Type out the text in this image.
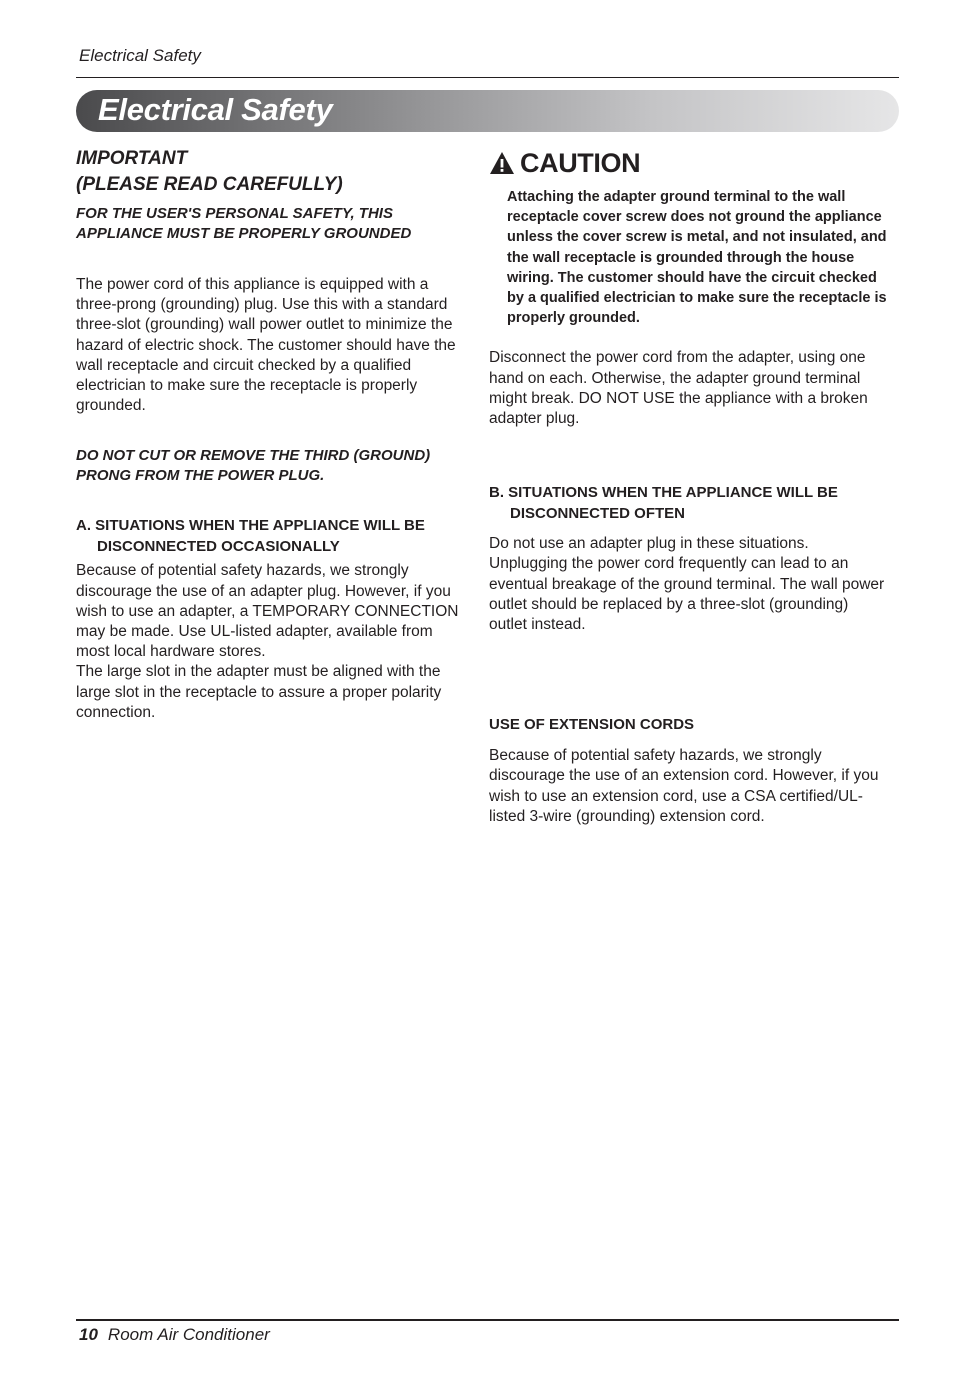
Electrical Safety
Electrical Safety
IMPORTANT
(PLEASE READ CAREFULLY)
FOR THE USER'S PERSONAL SAFETY, THIS APPLIANCE MUST BE PROPERLY GROUNDED

The power cord of this appliance is equipped with a three-prong (grounding) plug. Use this with a standard three-slot (grounding) wall power outlet to minimize the hazard of electric shock. The customer should have the wall receptacle and circuit checked by a qualified electrician to make sure the receptacle is properly grounded.

DO NOT CUT OR REMOVE THE THIRD (GROUND) PRONG FROM THE POWER PLUG.
A. SITUATIONS WHEN THE APPLIANCE WILL BE DISCONNECTED OCCASIONALLY

Because of potential safety hazards, we strongly discourage the use of an adapter plug. However, if you wish to use an adapter, a TEMPORARY CONNECTION may be made. Use UL-listed adapter, available from most local hardware stores.

The large slot in the adapter must be aligned with the large slot in the receptacle to assure a proper polarity connection.

CAUTION
Attaching the adapter ground terminal to the wall receptacle cover screw does not ground the appliance unless the cover screw is metal, and not insulated, and the wall receptacle is grounded through the house wiring. The customer should have the circuit checked by a qualified electrician to make sure the receptacle is properly grounded.

Disconnect the power cord from the adapter, using one hand on each. Otherwise, the adapter ground terminal might break. DO NOT USE the appliance with a broken adapter plug.

B. SITUATIONS WHEN THE APPLIANCE WILL BE DISCONNECTED OFTEN

Do not use an adapter plug in these situations. Unplugging the power cord frequently can lead to an eventual breakage of the ground terminal. The wall power outlet should be replaced by a three-slot (grounding) outlet instead.

USE OF EXTENSION CORDS

Because of potential safety hazards, we strongly discourage the use of an extension cord. However, if you wish to use an extension cord, use a CSA certified/UL-listed 3-wire (grounding) extension cord.

10 Room Air Conditioner
